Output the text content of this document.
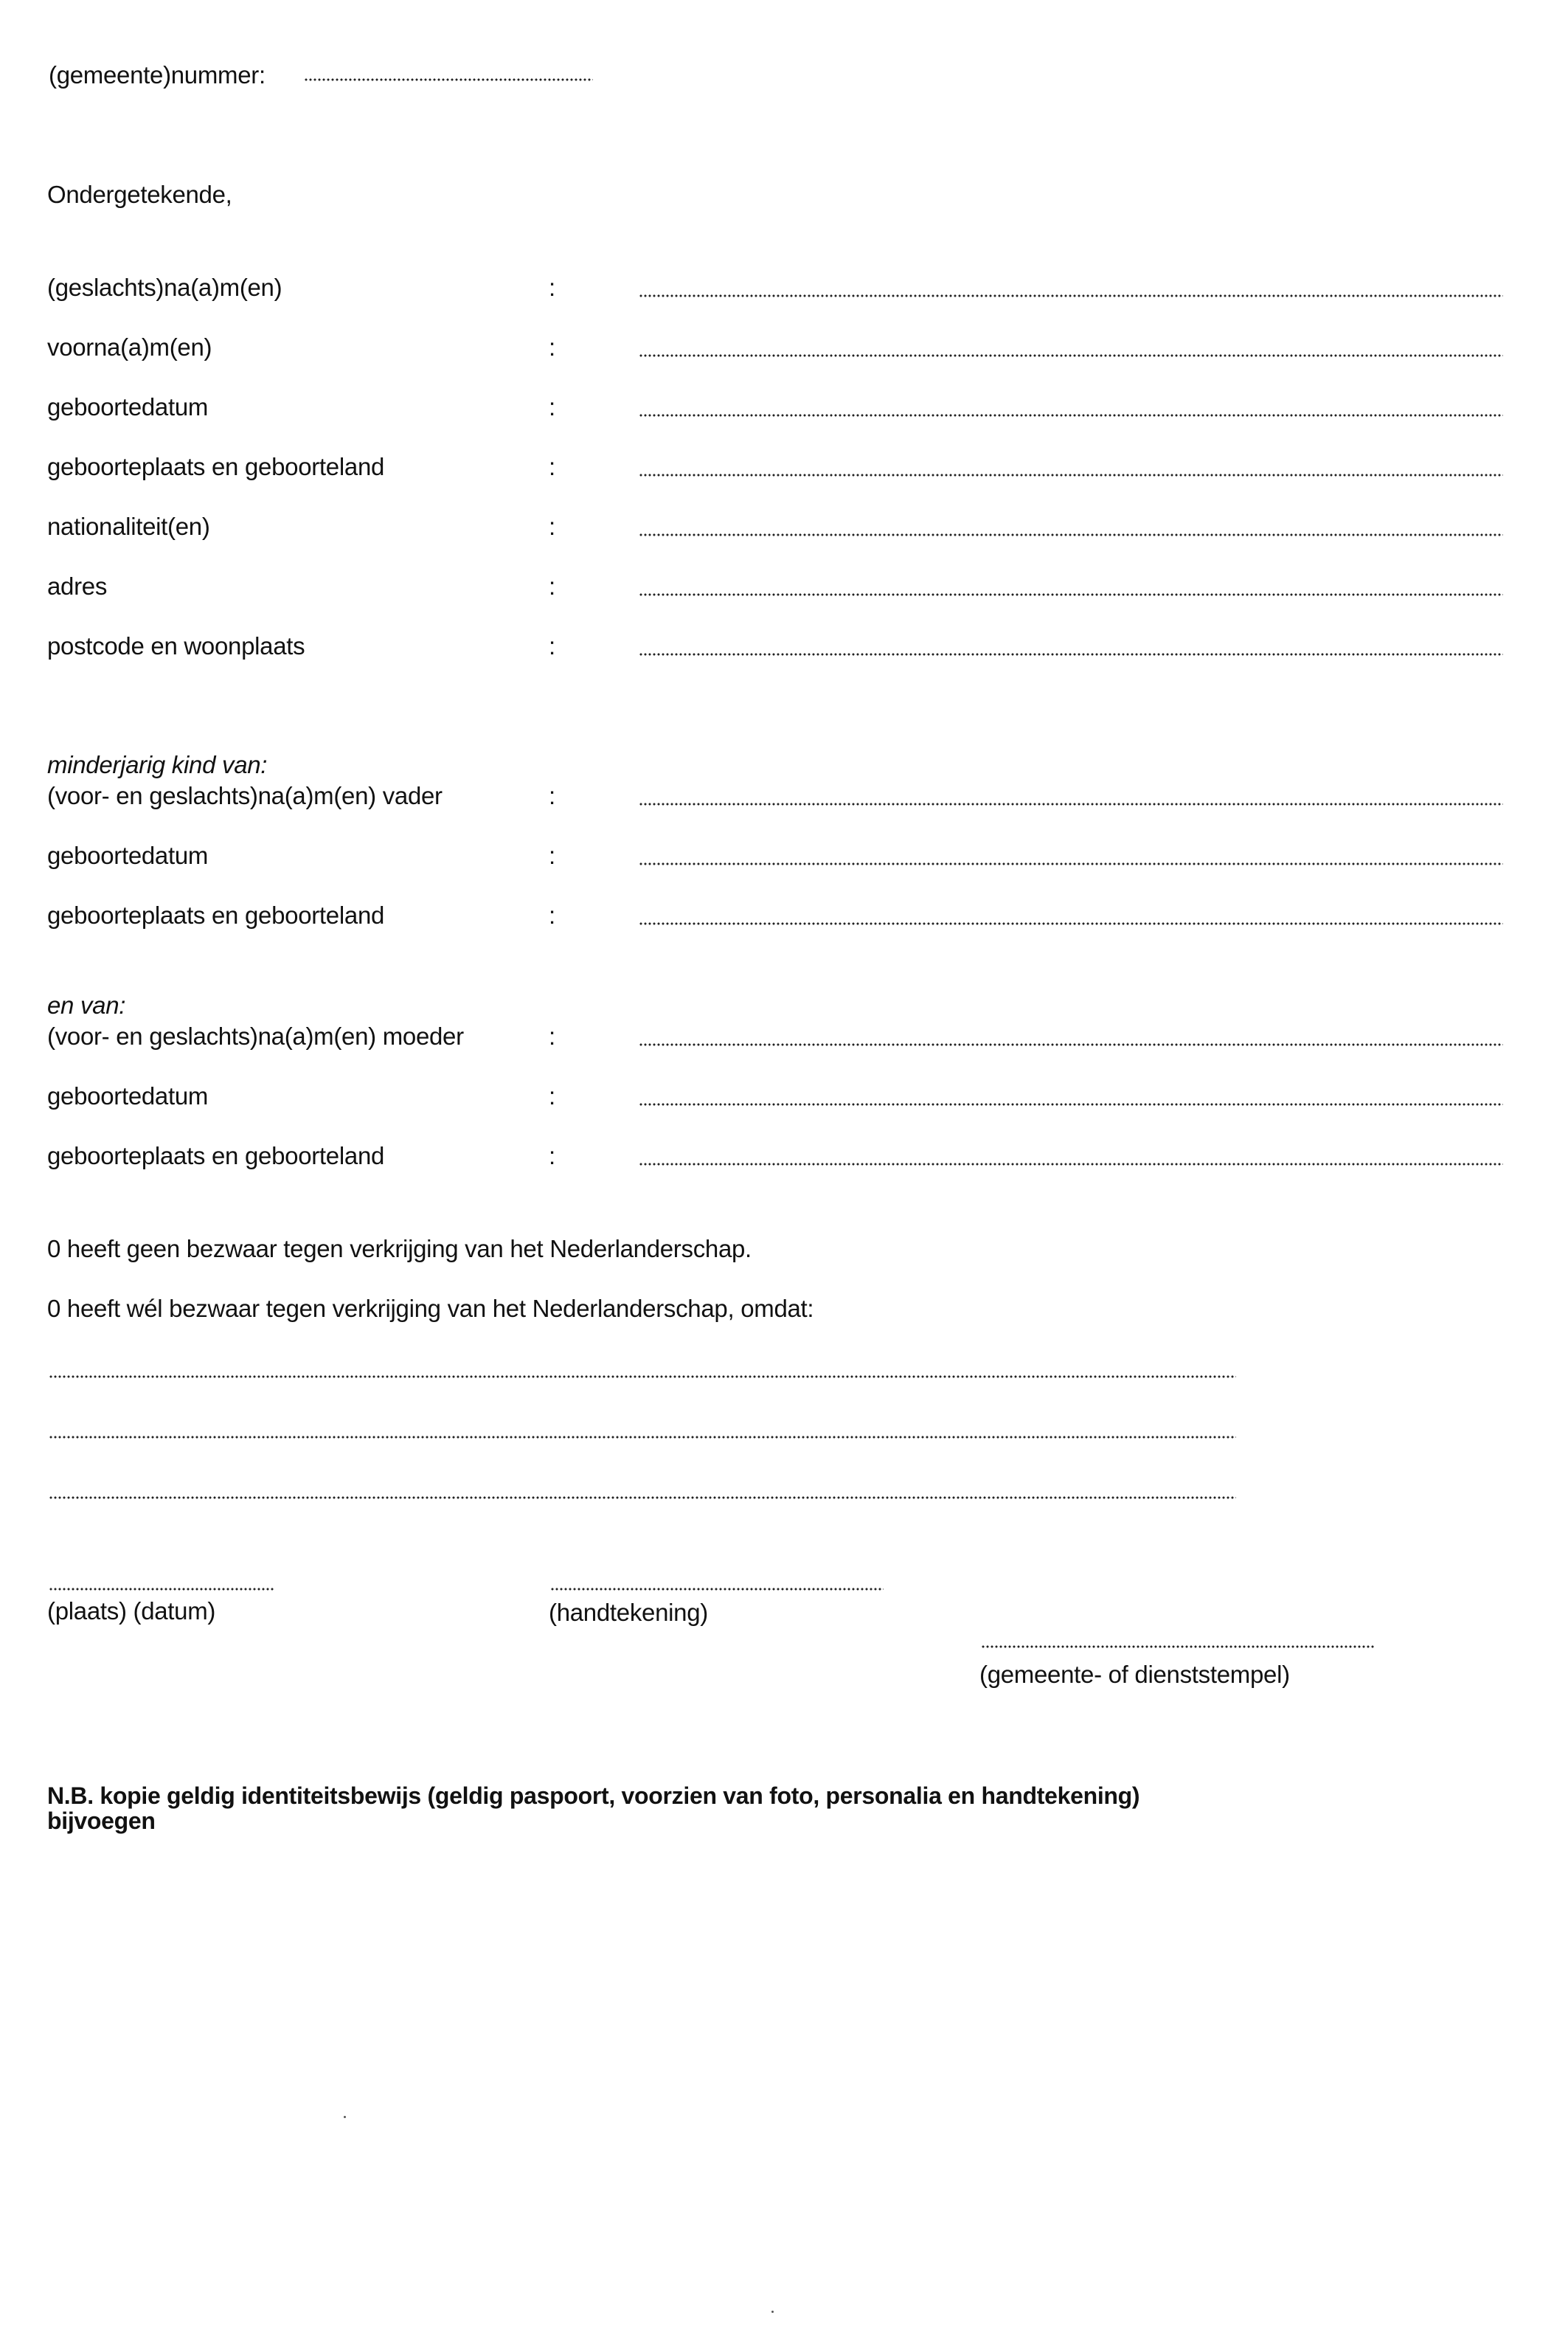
(gemeente)nummer:
Ondergetekende,
(geslachts)na(a)m(en)	:
voorna(a)m(en)	:
geboortedatum	:
geboorteplaats en geboorteland	:
nationaliteit(en)	:
adres	:
postcode en woonplaats	:
minderjarig kind van:
(voor- en geslachts)na(a)m(en) vader	:
geboortedatum	:
geboorteplaats en geboorteland	:
en van:
(voor- en geslachts)na(a)m(en) moeder	:
geboortedatum	:
geboorteplaats en geboorteland	:
0 heeft geen bezwaar tegen verkrijging van het Nederlanderschap.
0 heeft wél bezwaar tegen verkrijging van het Nederlanderschap, omdat:
(plaats) (datum)	(handtekening)
(gemeente- of dienststempel)
N.B. kopie geldig identiteitsbewijs (geldig paspoort, voorzien van foto, personalia en handtekening)
bijvoegen
